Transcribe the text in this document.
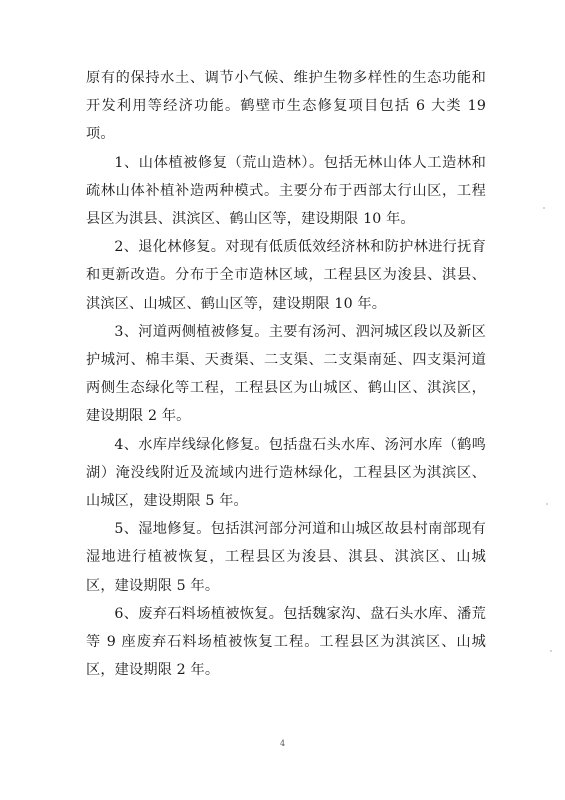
原有的保持水土、调节小气候、维护生物多样性的生态功能和开发利用等经济功能。鹤壁市生态修复项目包括 6 大类 19 项。

1、山体植被修复（荒山造林）。包括无林山体人工造林和疏林山体补植补造两种模式。主要分布于西部太行山区，工程县区为淇县、淇滨区、鹤山区等，建设期限 10 年。

2、退化林修复。对现有低质低效经济林和防护林进行抚育和更新改造。分布于全市造林区域，工程县区为浚县、淇县、淇滨区、山城区、鹤山区等，建设期限 10 年。

3、河道两侧植被修复。主要有汤河、泗河城区段以及新区护城河、棉丰渠、天赉渠、二支渠、二支渠南延、四支渠河道两侧生态绿化等工程，工程县区为山城区、鹤山区、淇滨区，建设期限 2 年。

4、水库岸线绿化修复。包括盘石头水库、汤河水库（鹤鸣湖）淹没线附近及流域内进行造林绿化，工程县区为淇滨区、山城区，建设期限 5 年。

5、湿地修复。包括淇河部分河道和山城区故县村南部现有湿地进行植被恢复，工程县区为浚县、淇县、淇滨区、山城区，建设期限 5 年。

6、废弃石料场植被恢复。包括魏家沟、盘石头水库、潘荒等 9 座废弃石料场植被恢复工程。工程县区为淇滨区、山城区，建设期限 2 年。

4
